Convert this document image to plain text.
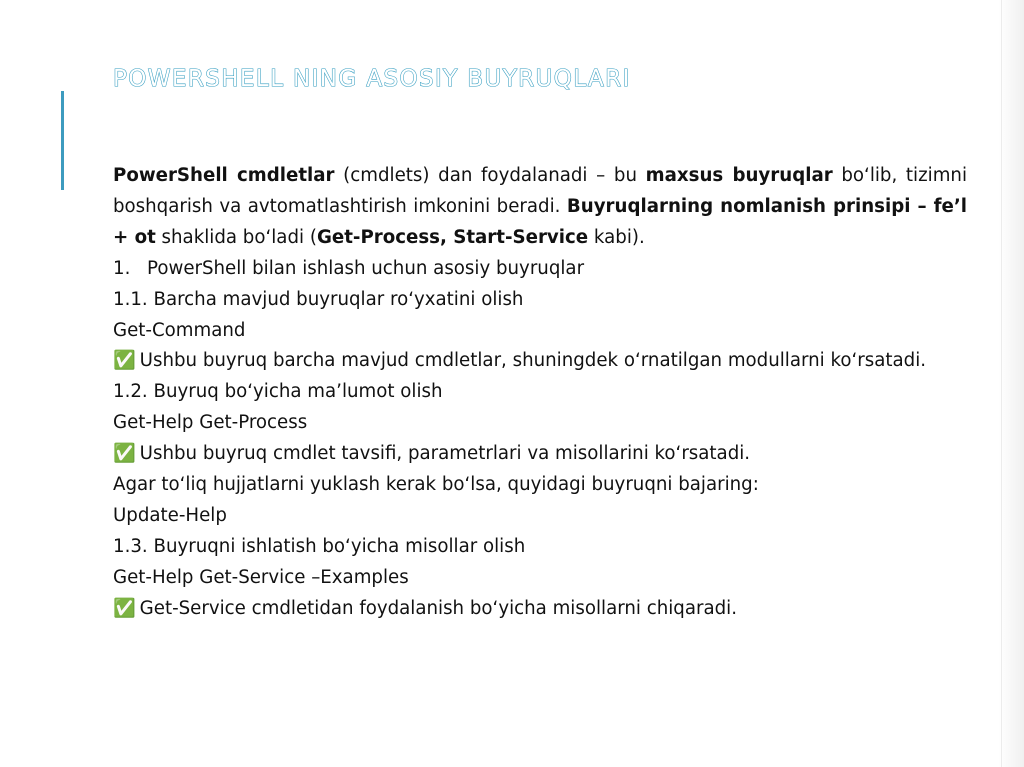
POWERSHELL NING ASOSIY BUYRUQLARI

PowerShell cmdletlar (cmdlets) dan foydalanadi – bu maxsus buyruqlar bo‘lib, tizimni boshqarish va avtomatlashtirish imkonini beradi. Buyruqlarning nomlanish prinsipi – fe’l + ot shaklida bo‘ladi (Get-Process, Start-Service kabi).

1. PowerShell bilan ishlash uchun asosiy buyruqlar

1.1. Barcha mavjud buyruqlar ro‘yxatini olish

Get-Command

✅ Ushbu buyruq barcha mavjud cmdletlar, shuningdek o‘rnatilgan modullarni ko‘rsatadi.

1.2. Buyruq bo‘yicha ma’lumot olish

Get-Help Get-Process

✅ Ushbu buyruq cmdlet tavsifi, parametrlari va misollarini ko‘rsatadi.

Agar to‘liq hujjatlarni yuklash kerak bo‘lsa, quyidagi buyruqni bajaring:

Update-Help

1.3. Buyruqni ishlatish bo‘yicha misollar olish

Get-Help Get-Service –Examples

✅ Get-Service cmdletidan foydalanish bo‘yicha misollarni chiqaradi.
